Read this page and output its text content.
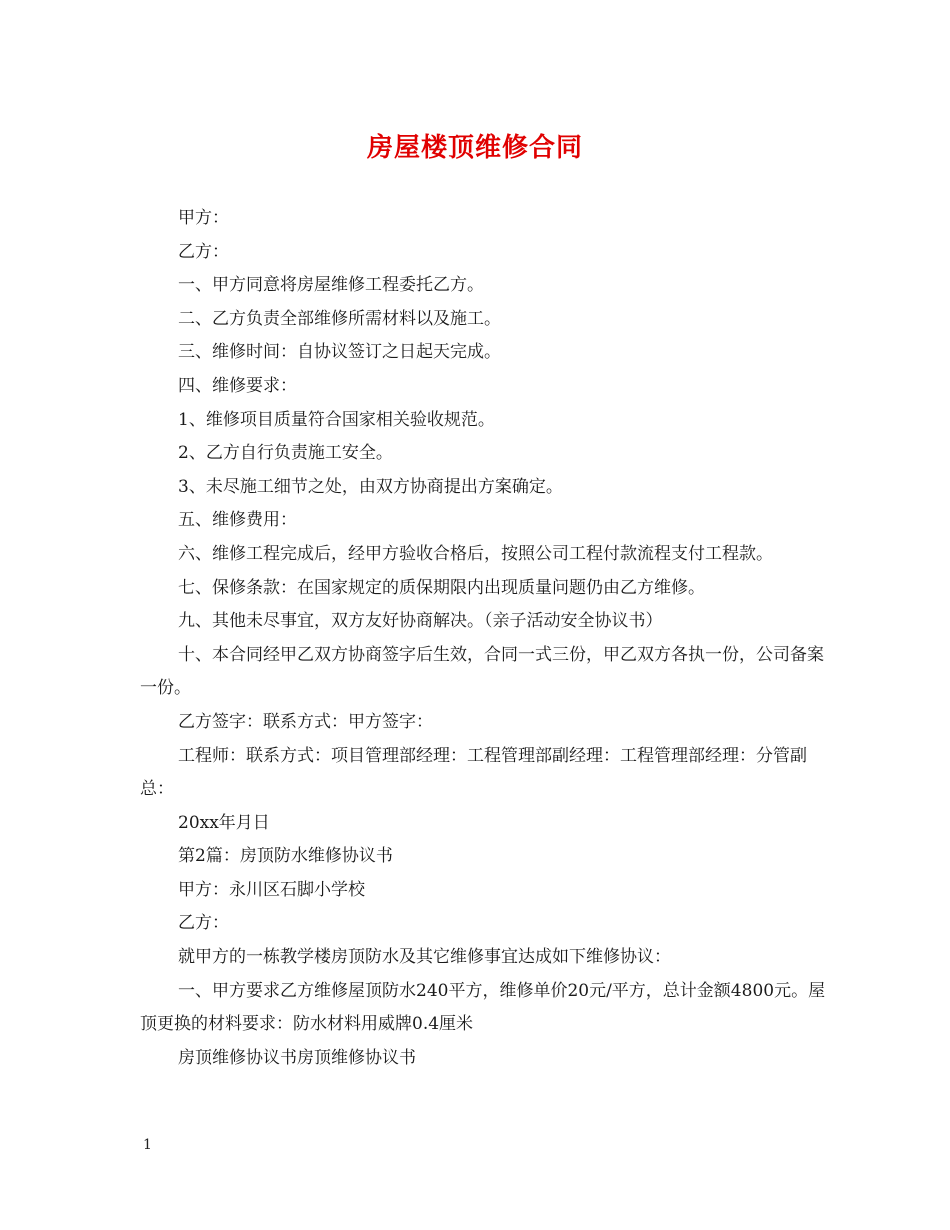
房屋楼顶维修合同

甲方：

乙方：

一、甲方同意将房屋维修工程委托乙方。

二、乙方负责全部维修所需材料以及施工。

三、维修时间：自协议签订之日起天完成。

四、维修要求：

1、维修项目质量符合国家相关验收规范。

2、乙方自行负责施工安全。

3、未尽施工细节之处，由双方协商提出方案确定。

五、维修费用：

六、维修工程完成后，经甲方验收合格后，按照公司工程付款流程支付工程款。

七、保修条款：在国家规定的质保期限内出现质量问题仍由乙方维修。

九、其他未尽事宜，双方友好协商解决。（亲子活动安全协议书）

十、本合同经甲乙双方协商签字后生效，合同一式三份，甲乙双方各执一份，公司备案一份。

乙方签字：联系方式：甲方签字：

工程师：联系方式：项目管理部经理：工程管理部副经理：工程管理部经理：分管副总：

20xx年月日

第2篇：房顶防水维修协议书

甲方：永川区石脚小学校

乙方：

就甲方的一栋教学楼房顶防水及其它维修事宜达成如下维修协议：

一、甲方要求乙方维修屋顶防水240平方，维修单价20元/平方，总计金额4800元。屋顶更换的材料要求：防水材料用威牌0.4厘米

房顶维修协议书房顶维修协议书

1
